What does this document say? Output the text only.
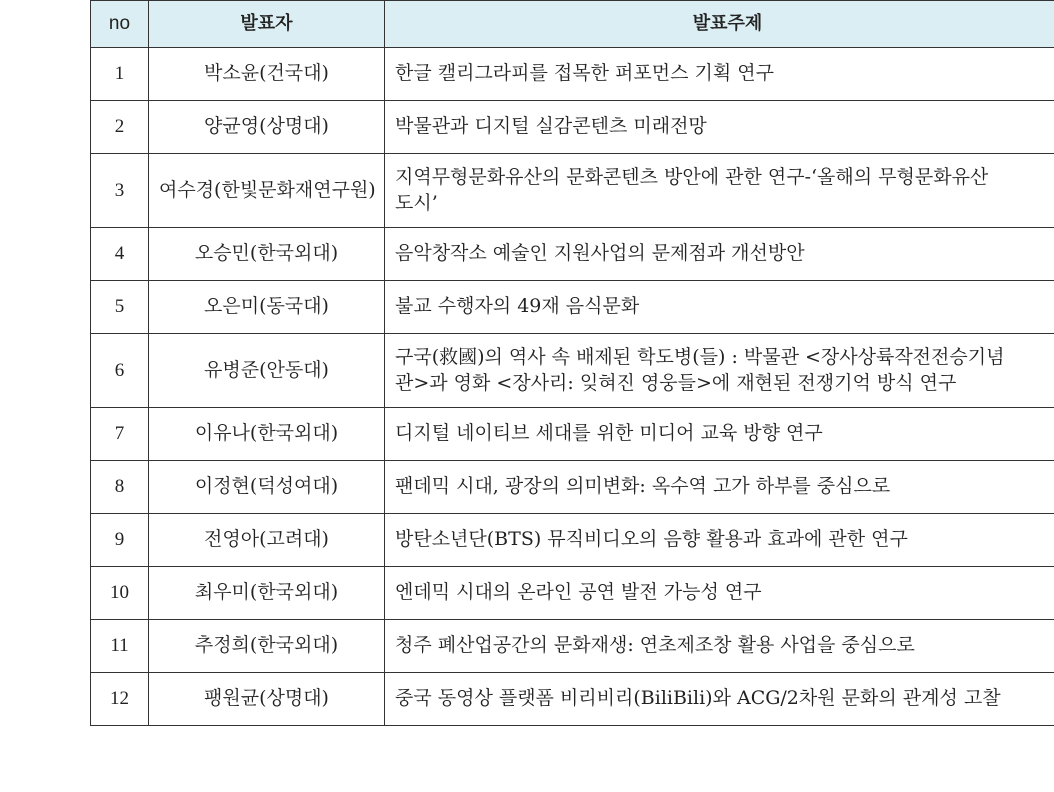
no	발표자	발표주제
1	박소윤(건국대)	한글 캘리그라피를 접목한 퍼포먼스 기획 연구

2	양균영(상명대)	박물관과 디지털 실감콘텐츠 미래전망

3	여수경(한빛문화재연구원)	지역무형문화유산의 문화콘텐츠 방안에 관한 연구-‘올해의 무형문화유산
도시’

4	오승민(한국외대)	음악창작소 예술인 지원사업의 문제점과 개선방안

5	오은미(동국대)	불교 수행자의 49재 음식문화

6	유병준(안동대)	구국(救國)의 역사 속 배제된 학도병(들) : 박물관 <장사상륙작전전승기념
관>과 영화 <장사리: 잊혀진 영웅들>에 재현된 전쟁기억 방식 연구

7	이유나(한국외대)	디지털 네이티브 세대를 위한 미디어 교육 방향 연구

8	이정현(덕성여대)	팬데믹 시대, 광장의 의미변화: 옥수역 고가 하부를 중심으로

9	전영아(고려대)	방탄소년단(BTS) 뮤직비디오의 음향 활용과 효과에 관한 연구

10	최우미(한국외대)	엔데믹 시대의 온라인 공연 발전 가능성 연구

11	추정희(한국외대)	청주 폐산업공간의 문화재생: 연초제조창 활용 사업을 중심으로

12	팽원균(상명대)	중국 동영상 플랫폼 비리비리(BiliBili)와 ACG/2차원 문화의 관계성 고찰
